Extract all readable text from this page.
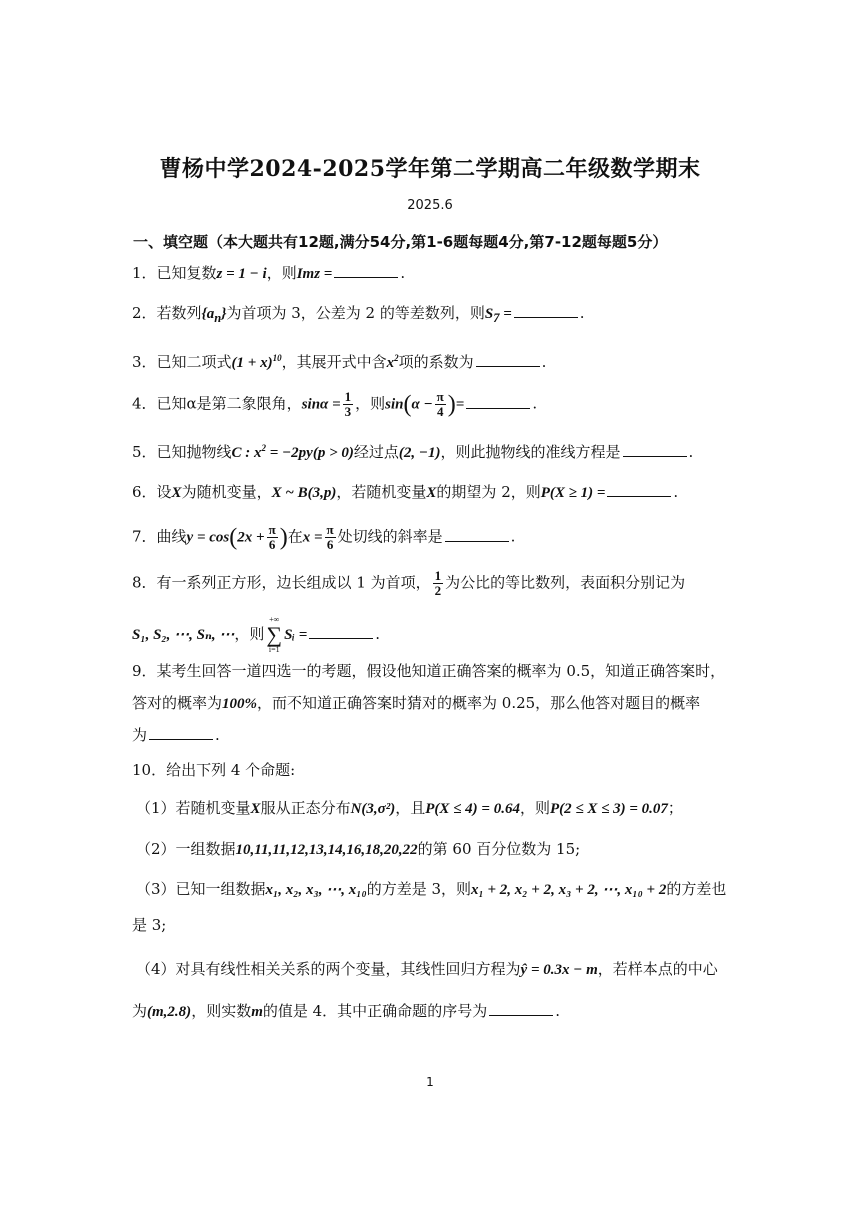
曹杨中学2024-2025学年第二学期高二年级数学期末
2025.6
一、填空题（本大题共有12题,满分54分,第1-6题每题4分,第7-12题每题5分）
1．已知复数z = 1 − i，则Imz =	.
2．若数列$\{a_n\}$为首项为 3，公差为 2 的等差数列，则$S_7$ =	.
3．已知二项式$(1 + x)^{10}$，其展开式中含$x^2$项的系数为	.
4．已知α是第二象限角，$\sin\alpha = \frac{1}{3}$ ，则$\sin(\alpha - \frac{\pi}{4}$ )=	.
5．已知抛物线C : $x^2 = -2py(p > 0)$经过点(2, −1)，则此抛物线的准线方程是	.
6．设X为随机变量，X ~ B(3,p)，若随机变量X的期望为 2，则P(X ≥ 1) =	.
7．曲线$y = \cos(2x + \frac{\pi}{6}$ )在$x = \frac{\pi}{6}$ 处切线的斜率是	.
8．有一系列正方形，边长组成以 1 为首项， $\frac{1}{2}$ 为公比的等比数列，表面积分别记为
S₁, S₂, ⋯, Sₙ, ⋯，则
+∞
∑
i=1
Sᵢ =	.
9．某考生回答一道四选一的考题，假设他知道正确答案的概率为 0.5，知道正确答案时，
答对的概率为100%，而不知道正确答案时猜对的概率为 0.25，那么他答对题目的概率
为	.
10．给出下列 4 个命题:
（1）若随机变量X服从正态分布N(3,σ²)，且P(X ≤ 4) = 0.64，则P(2 ≤ X ≤ 3) = 0.07；
（2）一组数据10,11,11,12,13,14,16,18,20,22的第 60 百分位数为 15;
（3）已知一组数据x₁, x₂, x₃, ⋯, x₁₀的方差是 3，则x₁ + 2, x₂ + 2, x₃ + 2, ⋯, x₁₀ + 2的方差也
是 3;
（4）对具有线性相关关系的两个变量，其线性回归方程为ŷ = 0.3x − m，若样本点的中心
为(m,2.8)，则实数m的值是 4．其中正确命题的序号为	.
1
